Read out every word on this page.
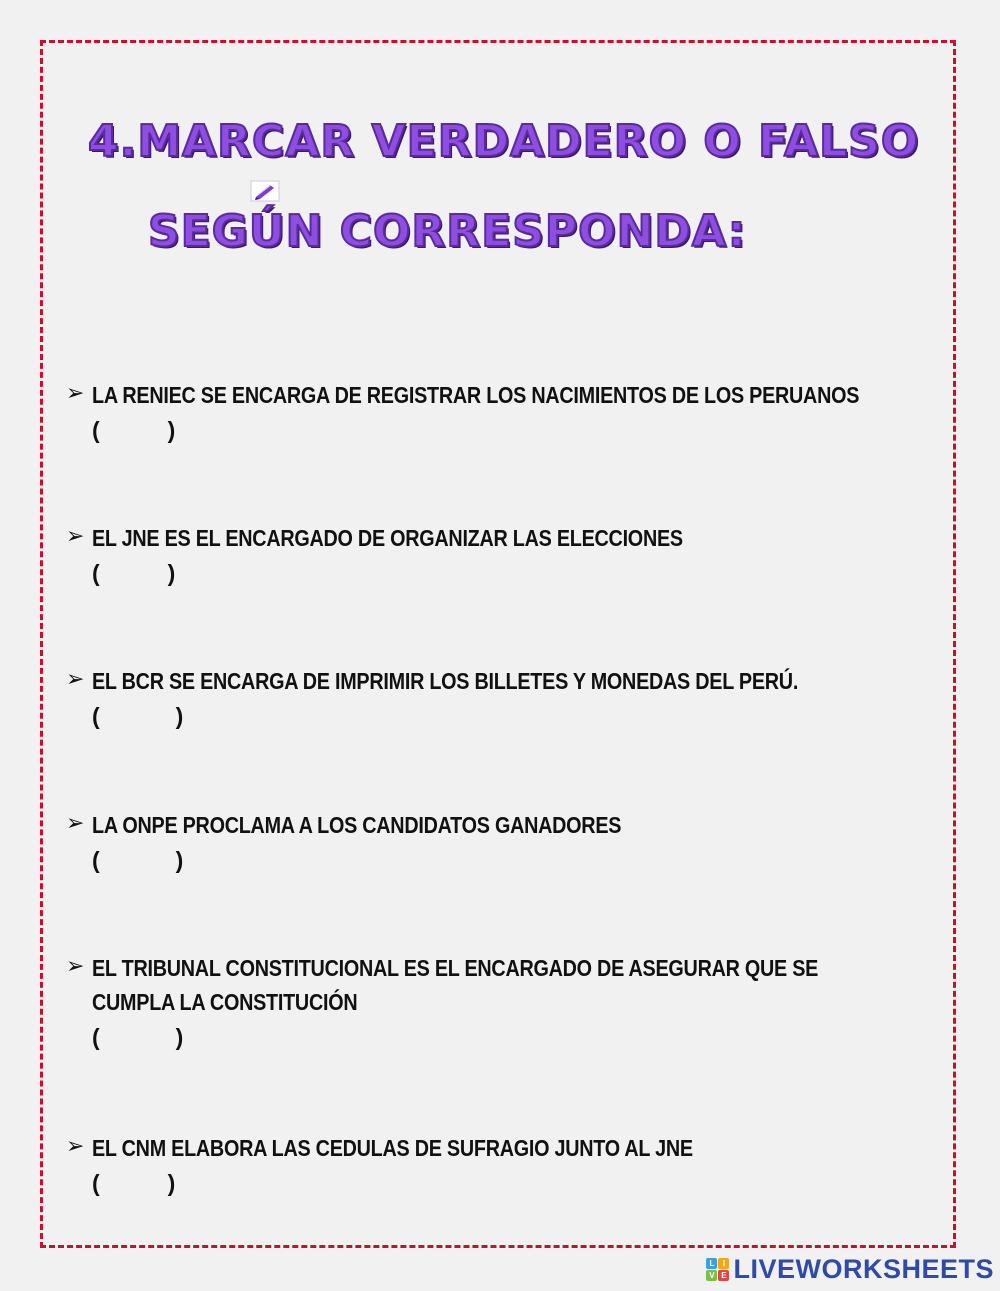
4.MARCAR VERDADERO O FALSO
SEGÚN CORRESPONDA:
➢ LA RENIEC SE ENCARGA DE REGISTRAR LOS NACIMIENTOS DE LOS PERUANOS
(	)
➢ EL JNE ES EL ENCARGADO DE ORGANIZAR LAS ELECCIONES
(	)
➢ EL BCR SE ENCARGA DE IMPRIMIR LOS BILLETES Y MONEDAS DEL PERÚ.
(	)
➢ LA ONPE PROCLAMA A LOS CANDIDATOS GANADORES
(	)
➢ EL TRIBUNAL CONSTITUCIONAL ES EL ENCARGADO DE ASEGURAR QUE SE
CUMPLA LA CONSTITUCIÓN
(	)
➢ EL CNM ELABORA LAS CEDULAS DE SUFRAGIO JUNTO AL JNE
(	)
L	I
V E LIVEWORKSHEETS
